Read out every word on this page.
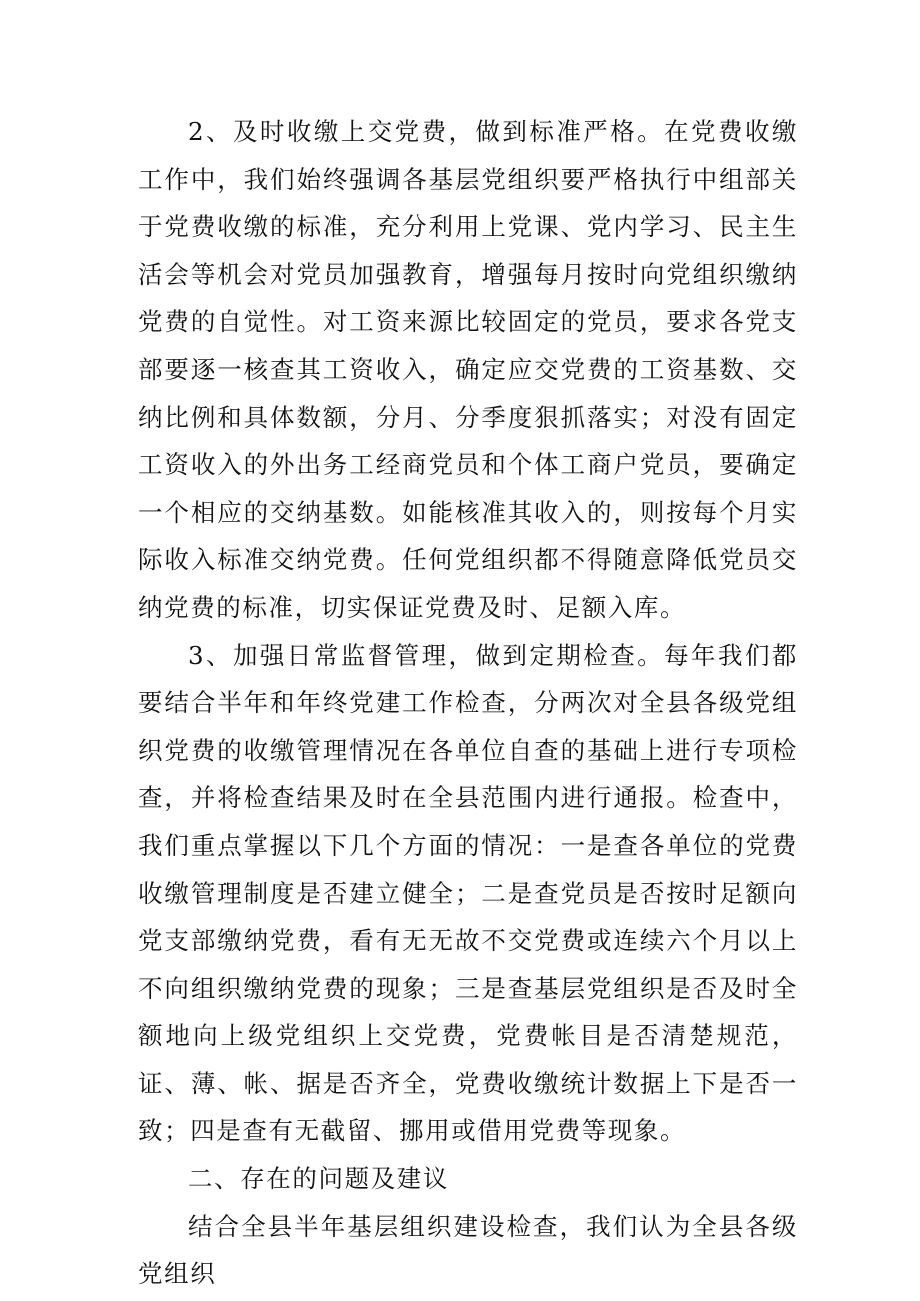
2、及时收缴上交党费，做到标准严格。在党费收缴工作中，我们始终强调各基层党组织要严格执行中组部关于党费收缴的标准，充分利用上党课、党内学习、民主生活会等机会对党员加强教育，增强每月按时向党组织缴纳党费的自觉性。对工资来源比较固定的党员，要求各党支部要逐一核查其工资收入，确定应交党费的工资基数、交纳比例和具体数额，分月、分季度狠抓落实；对没有固定工资收入的外出务工经商党员和个体工商户党员，要确定一个相应的交纳基数。如能核准其收入的，则按每个月实际收入标准交纳党费。任何党组织都不得随意降低党员交纳党费的标准，切实保证党费及时、足额入库。

3、加强日常监督管理，做到定期检查。每年我们都要结合半年和年终党建工作检查，分两次对全县各级党组织党费的收缴管理情况在各单位自查的基础上进行专项检查，并将检查结果及时在全县范围内进行通报。检查中，我们重点掌握以下几个方面的情况：一是查各单位的党费收缴管理制度是否建立健全；二是查党员是否按时足额向党支部缴纳党费，看有无无故不交党费或连续六个月以上不向组织缴纳党费的现象；三是查基层党组织是否及时全额地向上级党组织上交党费，党费帐目是否清楚规范，证、薄、帐、据是否齐全，党费收缴统计数据上下是否一致；四是查有无截留、挪用或借用党费等现象。

二、存在的问题及建议

结合全县半年基层组织建设检查，我们认为全县各级党组织
